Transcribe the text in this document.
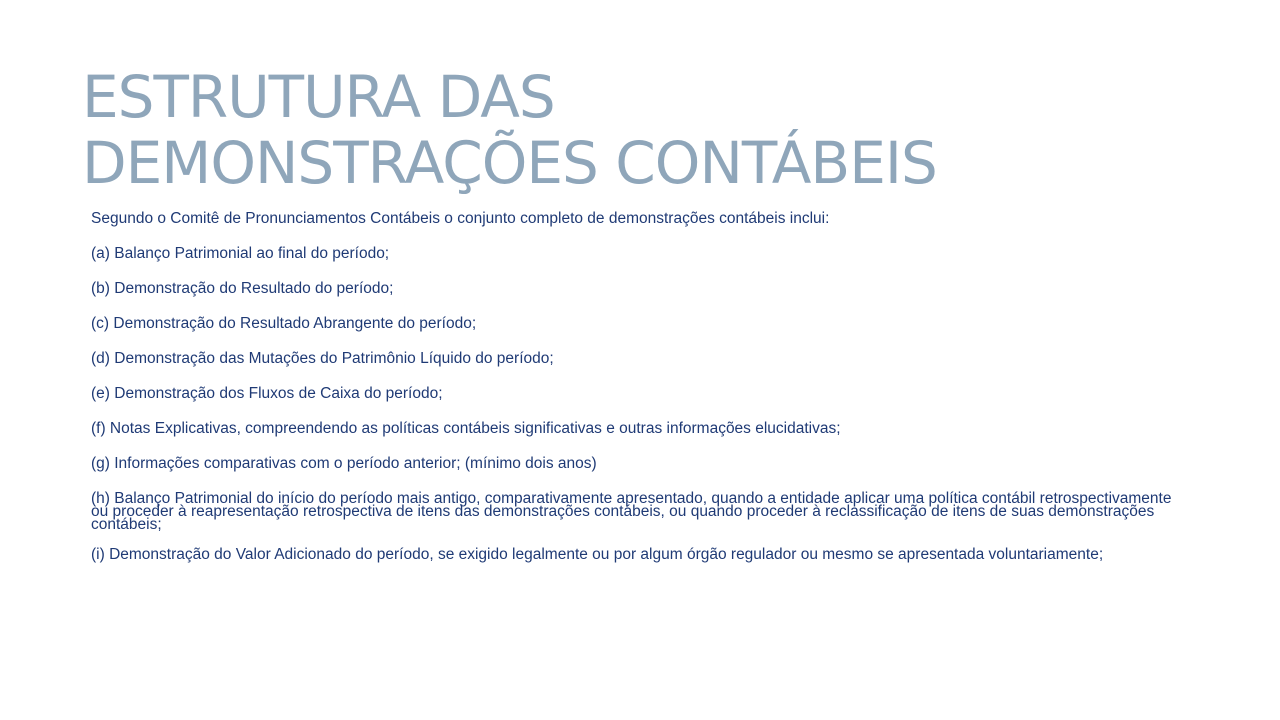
ESTRUTURA DAS
DEMONSTRAÇÕES CONTÁBEIS

Segundo o Comitê de Pronunciamentos Contábeis o conjunto completo de demonstrações contábeis inclui:

(a) Balanço Patrimonial ao final do período;

(b) Demonstração do Resultado do período;

(c) Demonstração do Resultado Abrangente do período;

(d) Demonstração das Mutações do Patrimônio Líquido do período;

(e) Demonstração dos Fluxos de Caixa do período;

(f) Notas Explicativas, compreendendo as políticas contábeis significativas e outras informações elucidativas;

(g) Informações comparativas com o período anterior; (mínimo dois anos)

(h) Balanço Patrimonial do início do período mais antigo, comparativamente apresentado, quando a entidade aplicar uma política contábil retrospectivamente ou proceder à reapresentação retrospectiva de itens das demonstrações contábeis, ou quando proceder à reclassificação de itens de suas demonstrações contábeis;

(i) Demonstração do Valor Adicionado do período, se exigido legalmente ou por algum órgão regulador ou mesmo se apresentada voluntariamente;
